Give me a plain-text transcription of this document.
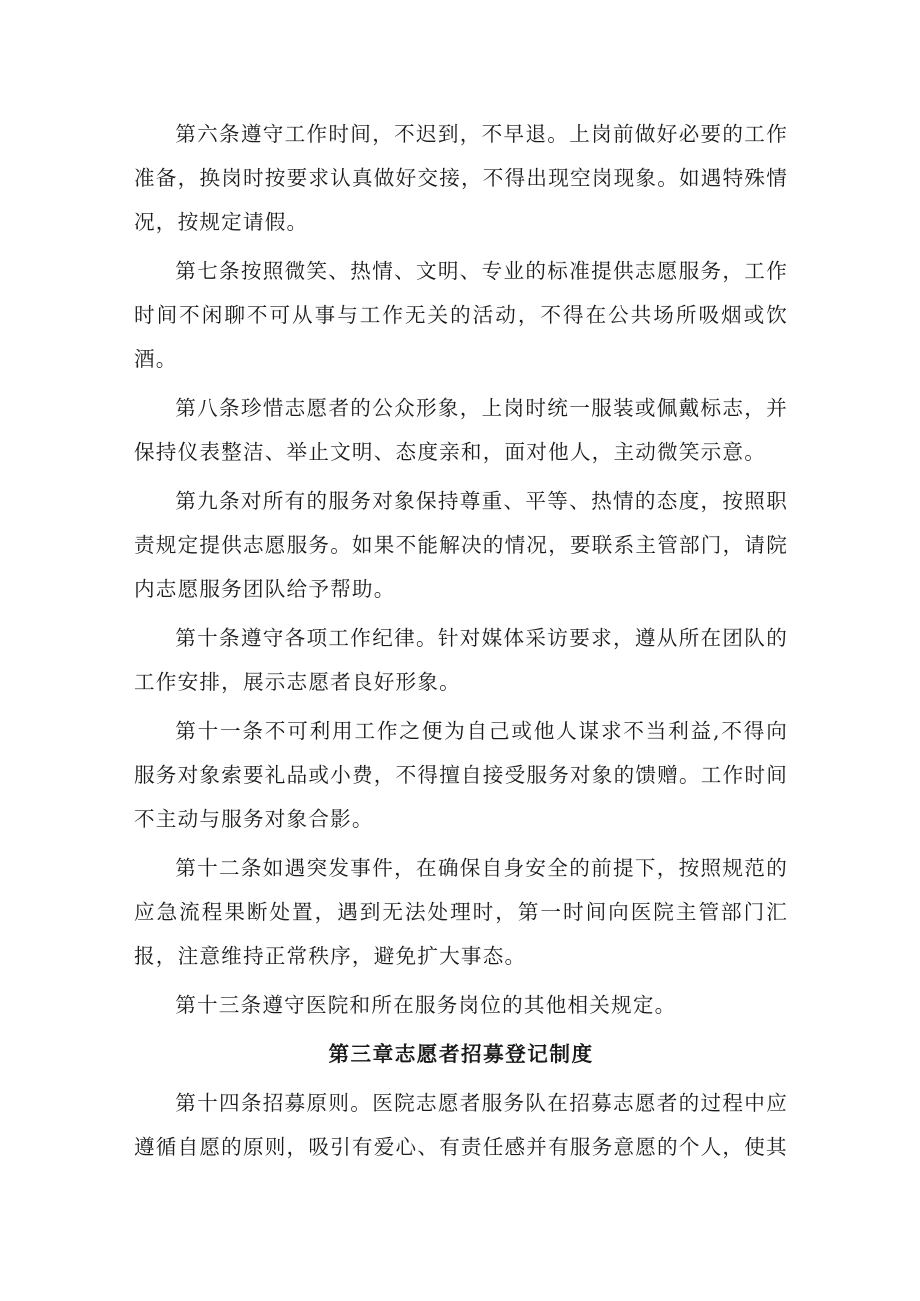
第六条遵守工作时间，不迟到，不早退。上岗前做好必要的工作准备，换岗时按要求认真做好交接，不得出现空岗现象。如遇特殊情况，按规定请假。

第七条按照微笑、热情、文明、专业的标准提供志愿服务，工作时间不闲聊不可从事与工作无关的活动，不得在公共场所吸烟或饮酒。

第八条珍惜志愿者的公众形象，上岗时统一服装或佩戴标志，并保持仪表整洁、举止文明、态度亲和，面对他人，主动微笑示意。

第九条对所有的服务对象保持尊重、平等、热情的态度，按照职责规定提供志愿服务。如果不能解决的情况，要联系主管部门，请院内志愿服务团队给予帮助。

第十条遵守各项工作纪律。针对媒体采访要求，遵从所在团队的工作安排，展示志愿者良好形象。

第十一条不可利用工作之便为自己或他人谋求不当利益,不得向服务对象索要礼品或小费，不得擅自接受服务对象的馈赠。工作时间不主动与服务对象合影。

第十二条如遇突发事件，在确保自身安全的前提下，按照规范的应急流程果断处置，遇到无法处理时，第一时间向医院主管部门汇报，注意维持正常秩序，避免扩大事态。

第十三条遵守医院和所在服务岗位的其他相关规定。

第三章志愿者招募登记制度

第十四条招募原则。医院志愿者服务队在招募志愿者的过程中应遵循自愿的原则，吸引有爱心、有责任感并有服务意愿的个人，使其
